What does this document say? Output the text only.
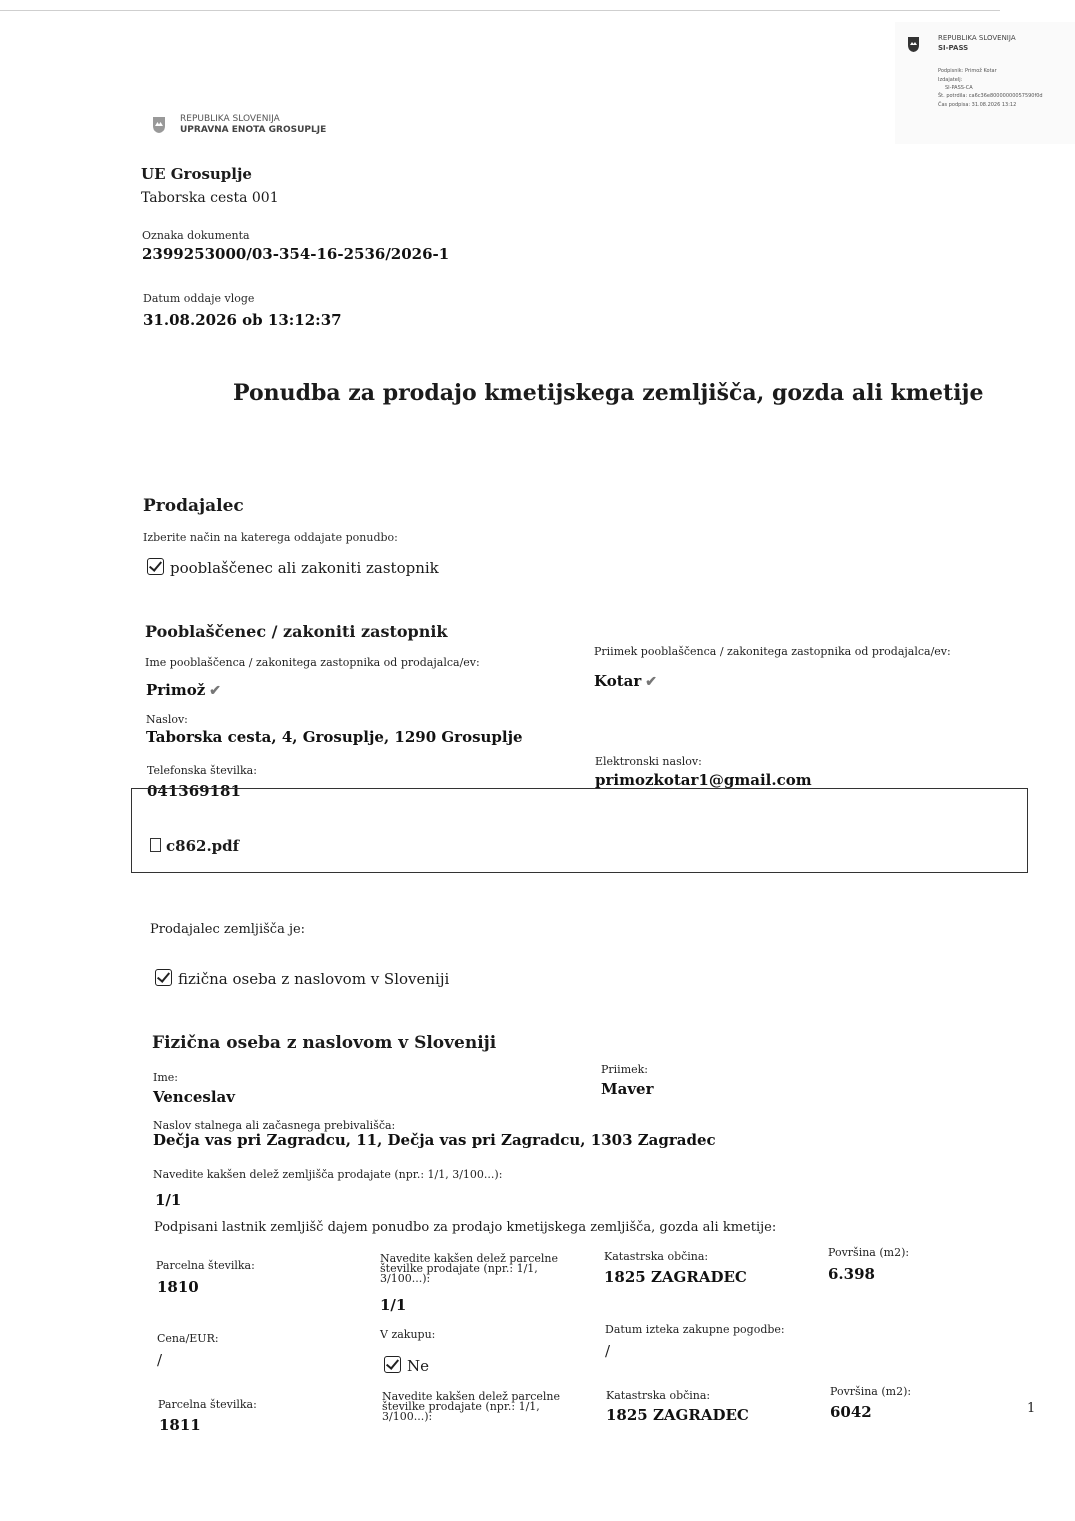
REPUBLIKA SLOVENIJA
SI-PASS
Podpisnik: Primož Kotar
Izdajatelj:
SI-PASS-CA
Št. potrdila: ca6c36e80000000057590f0d
Čas podpisa: 31.08.2026 13:12
REPUBLIKA SLOVENIJA
UPRAVNA ENOTA GROSUPLJE
UE Grosuplje
Taborska cesta 001
Oznaka dokumenta
2399253000/03-354-16-2536/2026-1
Datum oddaje vloge
31.08.2026 ob 13:12:37
Ponudba za prodajo kmetijskega zemljišča, gozda ali kmetije
Prodajalec
Izberite način na katerega oddajate ponudbo:
pooblaščenec ali zakoniti zastopnik
Pooblaščenec / zakoniti zastopnik
Ime pooblaščenca / zakonitega zastopnika od prodajalca/ev:
Primož ✔
Priimek pooblaščenca / zakonitega zastopnika od prodajalca/ev:
Kotar ✔
Naslov:
Taborska cesta, 4, Grosuplje, 1290 Grosuplje
Telefonska številka:
041369181
Elektronski naslov:
primozkotar1@gmail.com
c862.pdf
Prodajalec zemljišča je:
fizična oseba z naslovom v Sloveniji
Fizična oseba z naslovom v Sloveniji
Ime:
Venceslav
Priimek:
Maver
Naslov stalnega ali začasnega prebivališča:
Dečja vas pri Zagradcu, 11, Dečja vas pri Zagradcu, 1303 Zagradec
Navedite kakšen delež zemljišča prodajate (npr.: 1/1, 3/100...):
1/1
Podpisani lastnik zemljišč dajem ponudbo za prodajo kmetijskega zemljišča, gozda ali kmetije:
Parcelna številka:
1810
Navedite kakšen delež parcelne številke prodajate (npr.: 1/1, 3/100...):
1/1
Katastrska občina:
1825 ZAGRADEC
Površina (m2):
6.398
Cena/EUR:
/
V zakupu:
Ne
Datum izteka zakupne pogodbe:
/
Parcelna številka:
1811
Navedite kakšen delež parcelne številke prodajate (npr.: 1/1, 3/100...):
Katastrska občina:
1825 ZAGRADEC
Površina (m2):
6042	1
